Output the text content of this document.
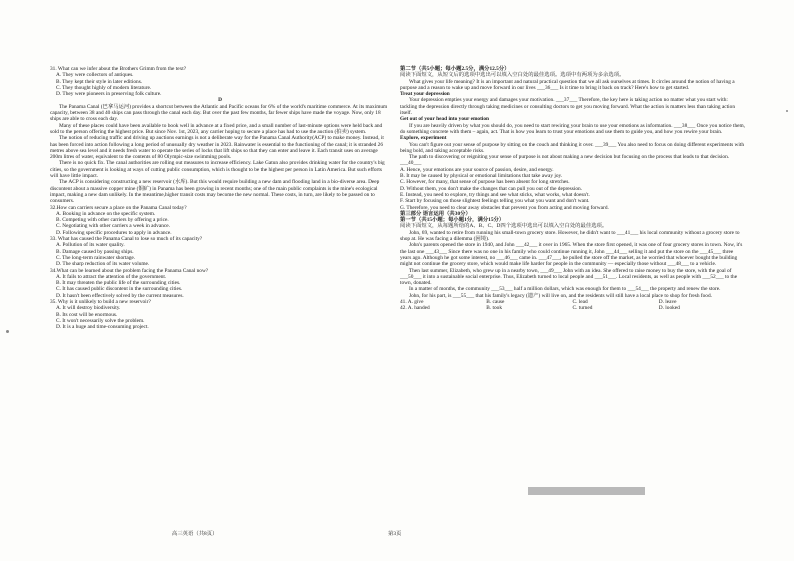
31. What can we infer about the Brothers Grimm from the text?

A. They were collectors of antiques.

B. They kept their style in later editions.

C. They thought highly of modern literature.

D. They were pioneers in preserving folk culture.

D

The Panama Canal (巴拿马运河) provides a shortcut between the Atlantic and Pacific oceans for 6% of the world's maritime commerce. At its maximum capacity, between 38 and 40 ships can pass through the canal each day. But over the past few months, far fewer ships have made the voyage. Now, only 18 ships are able to cross each day.

Many of these places could have been available to book well in advance at a fixed price, and a small number of last-minute options were held back and sold to the person offering the highest price. But since Nov. 1st, 2023, any carrier hoping to secure a place has had to use the auction (拍卖) system.

The notion of reducing traffic and driving up auctions earnings is not a deliberate way for the Panama Canal Authority(ACP) to make money. Instead, it has been forced into action following a long period of unusually dry weather in 2023. Rainwater is essential to the functioning of the canal; it is stranded 26 metres above sea level and it needs fresh water to operate the series of locks that lift ships so that they can enter and leave it. Each transit uses on average 200m litres of water, equivalent to the contents of 80 Olympic-size swimming pools.

There is no quick fix. The canal authorities are rolling out measures to increase efficiency. Lake Gatun also provides drinking water for the country's big cities, so the government is looking at ways of cutting public consumption, which is thought to be the highest per person in Latin America. But such efforts will have little impact.

The ACP is considering constructing a new reservoir (水库). But this would require building a new dam and flooding land in a bio-diverse area. Deep discontent about a massive copper mine (铜矿) in Panama has been growing in recent months; one of the main public complaints is the mine's ecological impact, making a new dam unlikely. In the meantime,higher transit costs may become the new normal. These costs, in turn, are likely to be passed on to consumers.

32.How can carriers secure a place on the Panama Canal today?

A. Booking in advance on the specific system.

B. Competing with other carriers by offering a price.

C. Negotiating with other carriers a week in advance.

D. Following specific procedures to apply in advance.

33. What has caused the Panama Canal to lose so much of its capacity?

A. Pollution of its water quality.

B. Damage caused by passing ships.

C. The long-term rainwater shortage.

D. The sharp reduction of its water volume.

34.What can be learned about the problem facing the Panama Canal now?

A. It fails to attract the attention of the government.

B. It may threaten the public life of the surrounding cities.

C. It has caused public discontent in the surrounding cities.

D. It hasn't been effectively solved by the current measures.

35. Why is it unlikely to build a new reservoir?

A. It will destroy biodiversity.

B. Its cost will be enormous.

C. It won't necessarily solve the problem.

D. It is a huge and time-consuming project.

第二节（共5小题；每小题2.5分，满分12.5分）

阅读下面短文，从短文后的选项中选出可以填入空白处的最佳选项。选项中有两项为多余选项。

What gives your life meaning? It is an important and natural practical question that we all ask ourselves at times. It circles around the notion of having a purpose and a reason to wake up and move forward in our lives ___36___ Is it time to bring it back on track? Here's how to get started.

Treat your depression

Your depression empties your energy and damages your motivation. ___37___ Therefore, the key here is taking action no matter what you start with: tackling the depression directly through taking medicines or consulting doctors to get you moving forward. What the action is matters less than taking action itself.

Get out of your head into your emotion

If you are heavily driven by what you should do, you need to start rewiring your brain to use your emotions as information. ___38___ Once you notice them, do something concrete with them – again, act. That is how you learn to trust your emotions and use them to guide you, and how you rewire your brain.

Explore, experiment

You can't figure out your sense of purpose by sitting on the couch and thinking it over. ___39___ You also need to focus on doing different experiments with being bold, and taking acceptable risks.

The path to discovering or reigniting your sense of purpose is not about making a new decision but focusing on the process that leads to that decision. ___40___

A. Hence, your emotions are your source of passion, desire, and energy.

B. It may be caused by physical or emotional limitations that take away joy.

C. However, for many, that sense of purpose has been absent for long stretches.

D. Without them, you don't make the changes that can pull you out of the depression.

E. Instead, you need to explore, try things and see what sticks, what works, what doesn't.

F. Start by focusing on those slightest feelings telling you what you want and don't want.

G. Therefore, you need to clear away obstacles that prevent you from acting and moving forward.

第三部分 语言运用（共30分）

第一节（共15小题；每小题1分，满分15分）

阅读下面短文，从每题所给的A、B、C、D四个选项中选出可以填入空白处的最佳选项。

John, 69, wanted to retire from running his small-town grocery store. However, he didn't want to ___41___ his local community without a grocery store to shop at. He was facing a dilemma (困境).

John's parents opened the store in 1940, and John ___42___ it over in 1965. When the store first opened, it was one of four grocery stores in town. Now, it's the last one ___43___ Since there was no one in his family who could continue running it, John ___44___ selling it and put the store on the ___45___ three years ago. Although he got some interest, no ___46___ came in. ___47___, he pulled the store off the market, as he worried that whoever bought the building might not continue the grocery store, which would make life harder for people in the community — especially those without ___48___ to a vehicle.

Then last summer, Elizabeth, who grew up in a nearby town, ___49___ John with an idea. She offered to raise money to buy the store, with the goal of ___50___ it into a sustainable social enterprise. Thus, Elizabeth turned to local people and ___51___. Local residents, as well as people with ___52___ to the town, donated.

In a matter of months, the community ___53___ half a million dollars, which was enough for them to ___54___ the property and renew the store.

John, for his part, is ___55___ that his family's legacy (遗产) will live on, and the residents will still have a local place to shop for fresh food.

41. A. give	B. cause	C. lead	D. leave
42. A. handed	B. took	C. turned	D. looked
高三英语（共8页）	第3页
